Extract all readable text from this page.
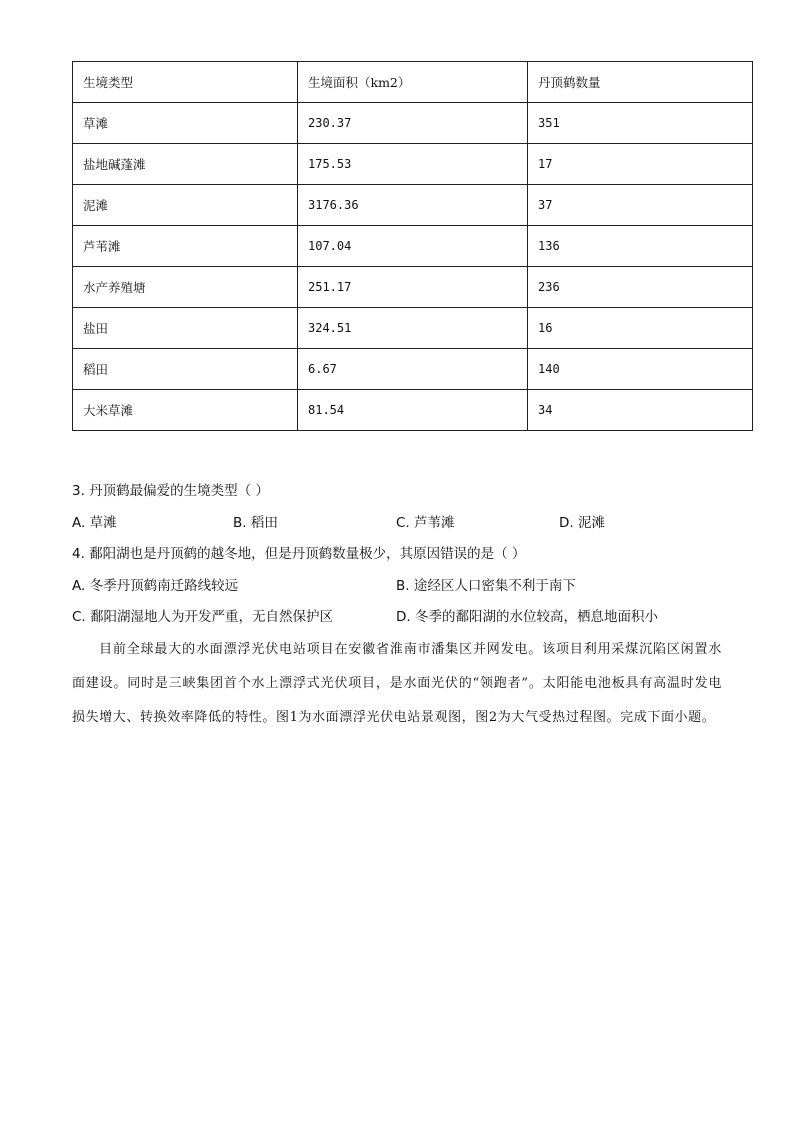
生境类型	生境面积（km2）	丹顶鹤数量
草滩	230.37	351
盐地碱蓬滩	175.53	17
泥滩	3176.36	37
芦苇滩	107.04	136
水产养殖塘	251.17	236
盐田	324.51	16
稻田	6.67	140
大米草滩	81.54	34
3. 丹顶鹤最偏爱的生境类型（ ）
A. 草滩	B. 稻田	C. 芦苇滩	D. 泥滩
4. 鄱阳湖也是丹顶鹤的越冬地，但是丹顶鹤数量极少，其原因错误的是（ ）
A. 冬季丹顶鹤南迁路线较远	B. 途经区人口密集不利于南下
C. 鄱阳湖湿地人为开发严重，无自然保护区	D. 冬季的鄱阳湖的水位较高，栖息地面积小
目前全球最大的水面漂浮光伏电站项目在安徽省淮南市潘集区并网发电。该项目利用采煤沉陷区闲置水面建设。同时是三峡集团首个水上漂浮式光伏项目，是水面光伏的“领跑者”。太阳能电池板具有高温时发电损失增大、转换效率降低的特性。图1为水面漂浮光伏电站景观图，图2为大气受热过程图。完成下面小题。
